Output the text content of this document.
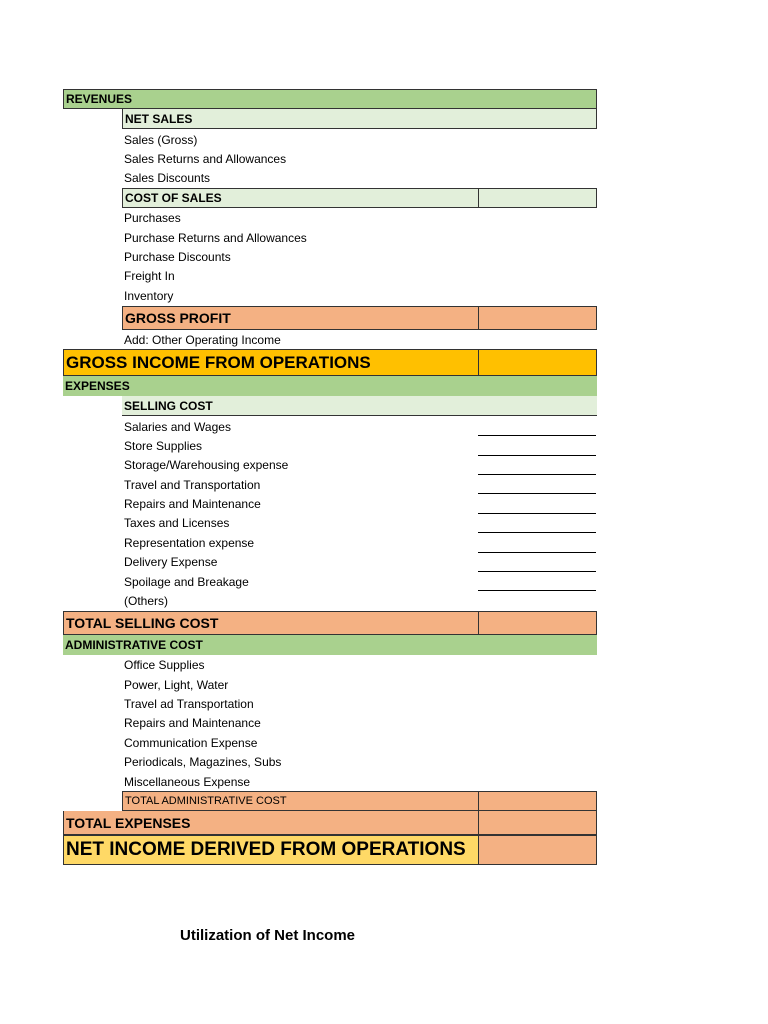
REVENUES
NET SALES
Sales (Gross)
Sales Returns and Allowances
Sales Discounts
COST OF SALES
Purchases
Purchase Returns and Allowances
Purchase Discounts
Freight In
Inventory
GROSS PROFIT
Add: Other Operating Income
GROSS INCOME FROM OPERATIONS
EXPENSES
SELLING COST
Salaries and Wages
Store Supplies
Storage/Warehousing expense
Travel and Transportation
Repairs and Maintenance
Taxes and Licenses
Representation expense
Delivery Expense
Spoilage and Breakage
(Others)
TOTAL SELLING COST
ADMINISTRATIVE COST
Office Supplies
Power, Light, Water
Travel ad Transportation
Repairs and Maintenance
Communication Expense
Periodicals, Magazines, Subs
Miscellaneous Expense
TOTAL ADMINISTRATIVE COST
TOTAL EXPENSES
NET INCOME DERIVED FROM OPERATIONS
Utilization of Net Income
